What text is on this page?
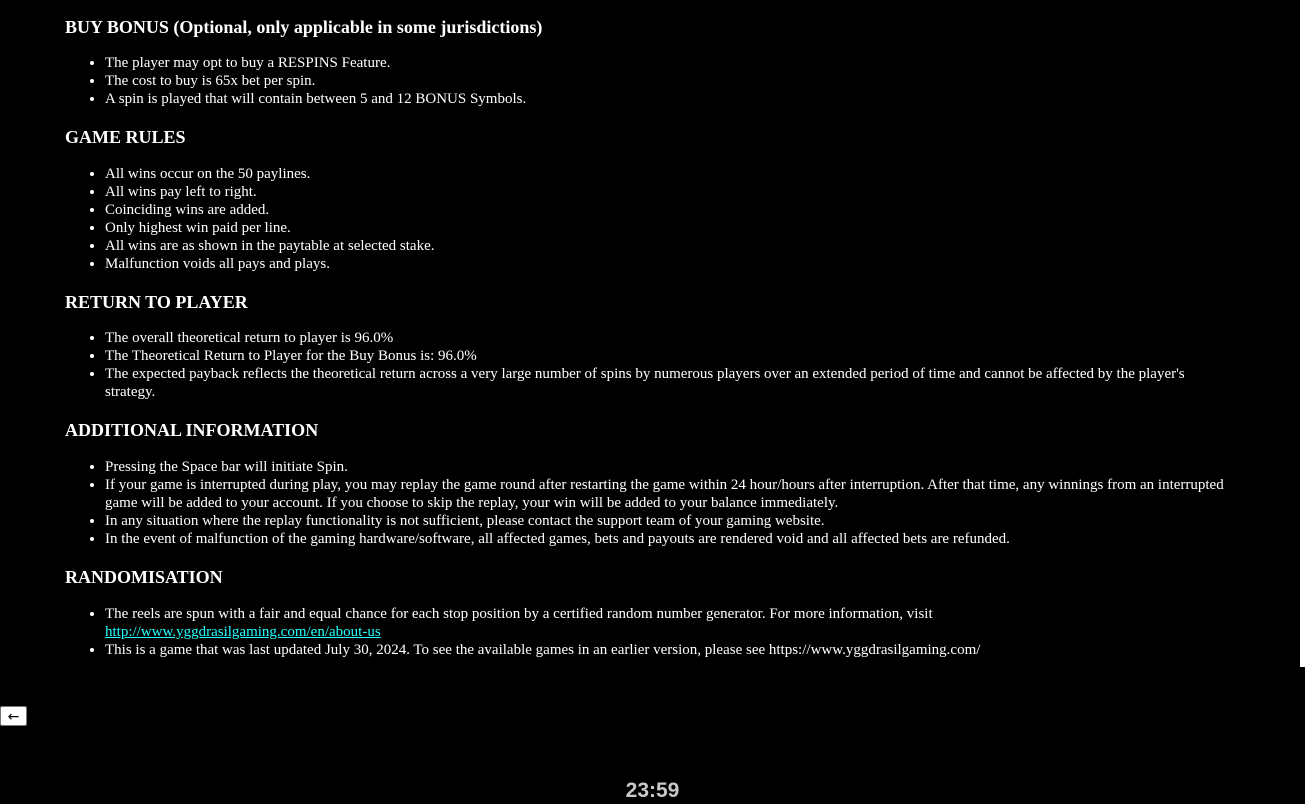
BUY BONUS (Optional, only applicable in some jurisdictions)
• The player may opt to buy a RESPINS Feature.
• The cost to buy is 65x bet per spin.
• A spin is played that will contain between 5 and 12 BONUS Symbols.
GAME RULES
• All wins occur on the 50 paylines.
• All wins pay left to right.
• Coinciding wins are added.
• Only highest win paid per line.
• All wins are as shown in the paytable at selected stake.
• Malfunction voids all pays and plays.
RETURN TO PLAYER
• The overall theoretical return to player is 96.0%
• The Theoretical Return to Player for the Buy Bonus is: 96.0%
• The expected payback reflects the theoretical return across a very large number of spins by numerous players over an extended period of time and cannot be affected by the player's strategy.
ADDITIONAL INFORMATION
• Pressing the Space bar will initiate Spin.
• If your game is interrupted during play, you may replay the game round after restarting the game within 24 hour/hours after interruption. After that time, any winnings from an interrupted game will be added to your account. If you choose to skip the replay, your win will be added to your balance immediately.
• In any situation where the replay functionality is not sufficient, please contact the support team of your gaming website.
• In the event of malfunction of the gaming hardware/software, all affected games, bets and payouts are rendered void and all affected bets are refunded.
RANDOMISATION
• The reels are spun with a fair and equal chance for each stop position by a certified random number generator. For more information, visit
http://www.yggdrasilgaming.com/en/about-us
• This is a game that was last updated July 30, 2024. To see the available games in an earlier version, please see https://www.yggdrasilgaming.com/
←
23:59
